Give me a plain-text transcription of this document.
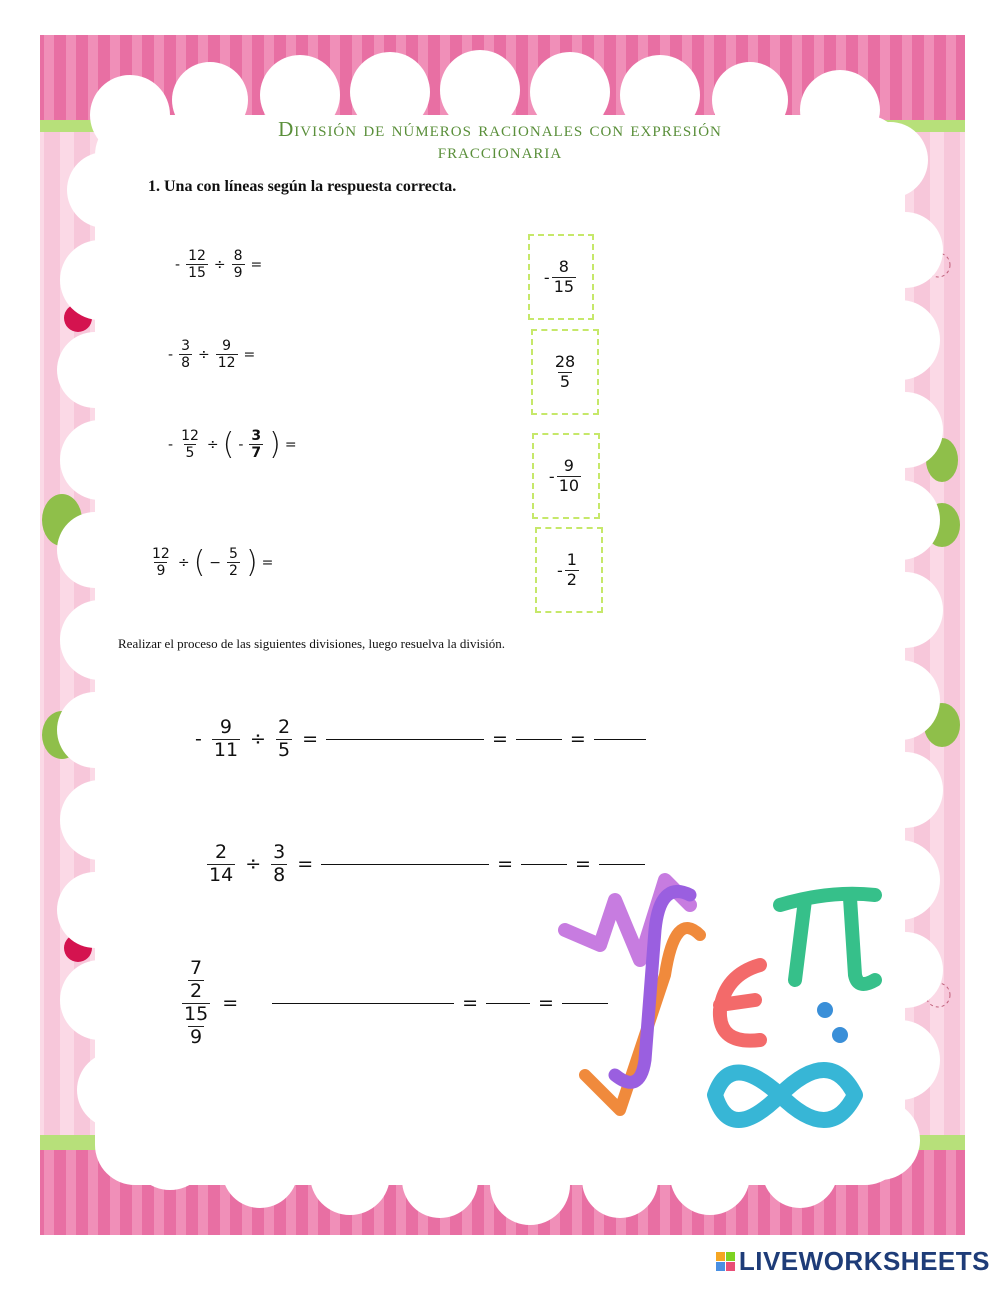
División de números racionales con expresión
fraccionaria
1. Una con líneas según la respuesta correcta.
- $\frac{12}{15} \div \frac{8}{9}$ =
- $\frac{3}{8} \div \frac{9}{12}$ =
- $\frac{12}{5}$ ÷ ( - $\frac{3}{7}$ ) =
$\frac{12}{9}$ ÷ ( − $\frac{5}{2}$ ) =
- $\frac{8}{15}$
$\frac{28}{5}$
- $\frac{9}{10}$
- $\frac{1}{2}$
Realizar el proceso de las siguientes divisiones, luego resuelva la división.
- $\frac{9}{11} \div \frac{2}{5}$ =	=	=
$\frac{2}{14} \div \frac{3}{8}$ =	=	=
$\frac{\frac{7}{2}}{\frac{15}{9}}$ =	=	=
LIVEWORKSHEETS
